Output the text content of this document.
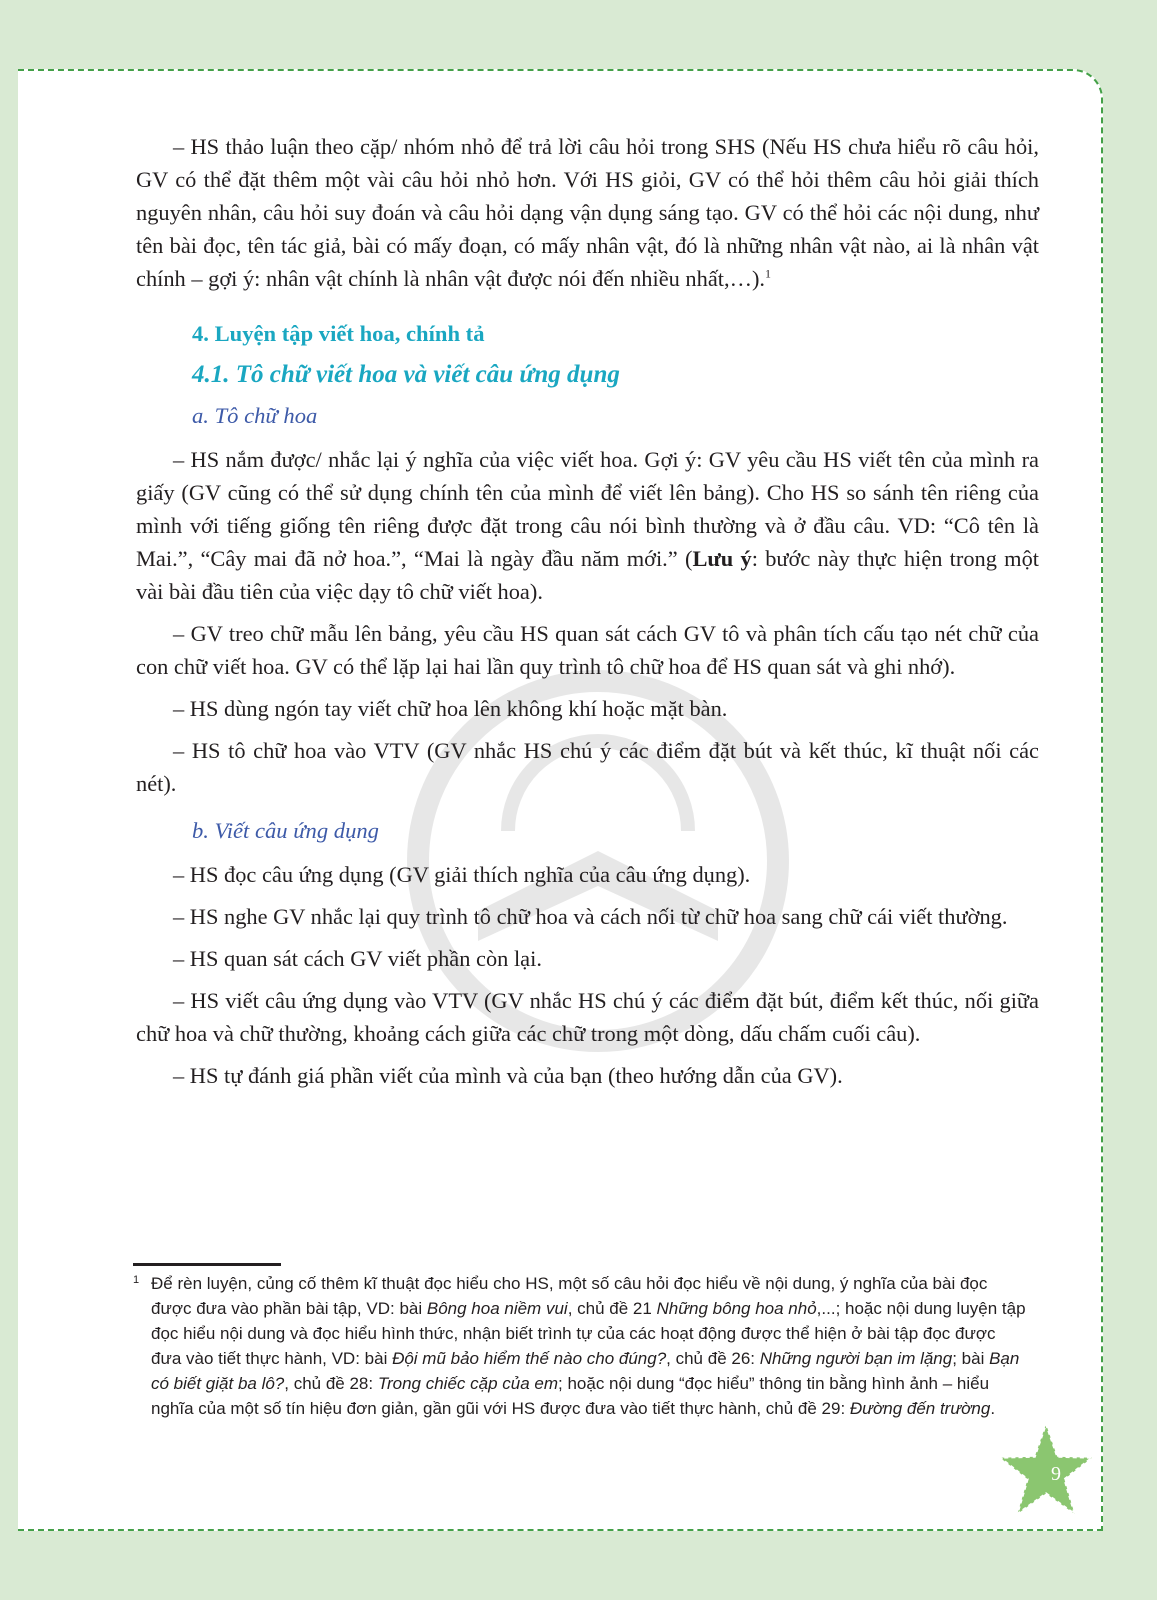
– HS thảo luận theo cặp/ nhóm nhỏ để trả lời câu hỏi trong SHS (Nếu HS chưa hiểu rõ câu hỏi, GV có thể đặt thêm một vài câu hỏi nhỏ hơn. Với HS giỏi, GV có thể hỏi thêm câu hỏi giải thích nguyên nhân, câu hỏi suy đoán và câu hỏi dạng vận dụng sáng tạo. GV có thể hỏi các nội dung, như tên bài đọc, tên tác giả, bài có mấy đoạn, có mấy nhân vật, đó là những nhân vật nào, ai là nhân vật chính – gợi ý: nhân vật chính là nhân vật được nói đến nhiều nhất,…).$^1$

4. Luyện tập viết hoa, chính tả
4.1. Tô chữ viết hoa và viết câu ứng dụng
a. Tô chữ hoa

– HS nắm được/ nhắc lại ý nghĩa của việc viết hoa. Gợi ý: GV yêu cầu HS viết tên của mình ra giấy (GV cũng có thể sử dụng chính tên của mình để viết lên bảng). Cho HS so sánh tên riêng của mình với tiếng giống tên riêng được đặt trong câu nói bình thường và ở đầu câu. VD: “Cô tên là Mai.”, “Cây mai đã nở hoa.”, “Mai là ngày đầu năm mới.” (Lưu ý: bước này thực hiện trong một vài bài đầu tiên của việc dạy tô chữ viết hoa).

– GV treo chữ mẫu lên bảng, yêu cầu HS quan sát cách GV tô và phân tích cấu tạo nét chữ của con chữ viết hoa. GV có thể lặp lại hai lần quy trình tô chữ hoa để HS quan sát và ghi nhớ).

– HS dùng ngón tay viết chữ hoa lên không khí hoặc mặt bàn.

– HS tô chữ hoa vào VTV (GV nhắc HS chú ý các điểm đặt bút và kết thúc, kĩ thuật nối các nét).

b. Viết câu ứng dụng

– HS đọc câu ứng dụng (GV giải thích nghĩa của câu ứng dụng).

– HS nghe GV nhắc lại quy trình tô chữ hoa và cách nối từ chữ hoa sang chữ cái viết thường.

– HS quan sát cách GV viết phần còn lại.

– HS viết câu ứng dụng vào VTV (GV nhắc HS chú ý các điểm đặt bút, điểm kết thúc, nối giữa chữ hoa và chữ thường, khoảng cách giữa các chữ trong một dòng, dấu chấm cuối câu).

– HS tự đánh giá phần viết của mình và của bạn (theo hướng dẫn của GV).

1 Để rèn luyện, củng cố thêm kĩ thuật đọc hiểu cho HS, một số câu hỏi đọc hiểu về nội dung, ý nghĩa của bài đọc được đưa vào phần bài tập, VD: bài Bông hoa niềm vui, chủ đề 21 Những bông hoa nhỏ,...; hoặc nội dung luyện tập đọc hiểu nội dung và đọc hiểu hình thức, nhận biết trình tự của các hoạt động được thể hiện ở bài tập đọc được đưa vào tiết thực hành, VD: bài Đội mũ bảo hiểm thế nào cho đúng?, chủ đề 26: Những người bạn im lặng; bài Bạn có biết giặt ba lô?, chủ đề 28: Trong chiếc cặp của em; hoặc nội dung “đọc hiểu” thông tin bằng hình ảnh – hiểu nghĩa của một số tín hiệu đơn giản, gần gũi với HS được đưa vào tiết thực hành, chủ đề 29: Đường đến trường.
9
